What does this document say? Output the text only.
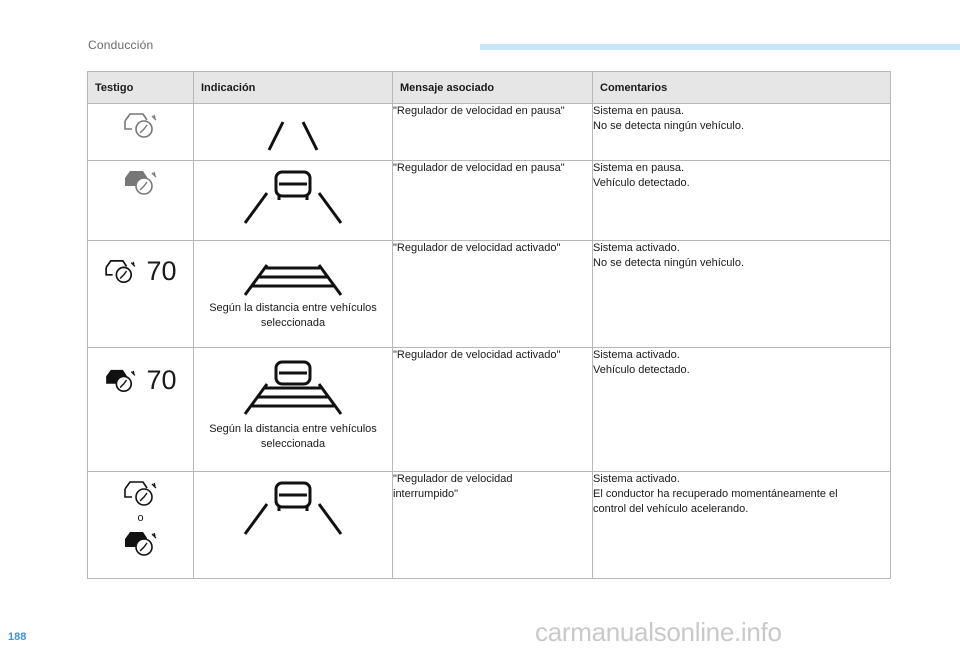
Conducción
Testigo	Indicación	Mensaje asociado	Comentarios

	"Regulador de velocidad en pausa"	Sistema en pausa.
No se detecta ningún vehículo.

	"Regulador de velocidad en pausa"	Sistema en pausa.
Vehículo detectado.

70	Según la distancia entre vehículos seleccionada	"Regulador de velocidad activado"	Sistema activado.
No se detecta ningún vehículo.

70	Según la distancia entre vehículos seleccionada	"Regulador de velocidad activado"	Sistema activado.
Vehículo detectado.

o		"Regulador de velocidad
interrumpido"	Sistema activado.
El conductor ha recuperado momentáneamente el
control del vehículo acelerando.
188	carmanualsonline.info
